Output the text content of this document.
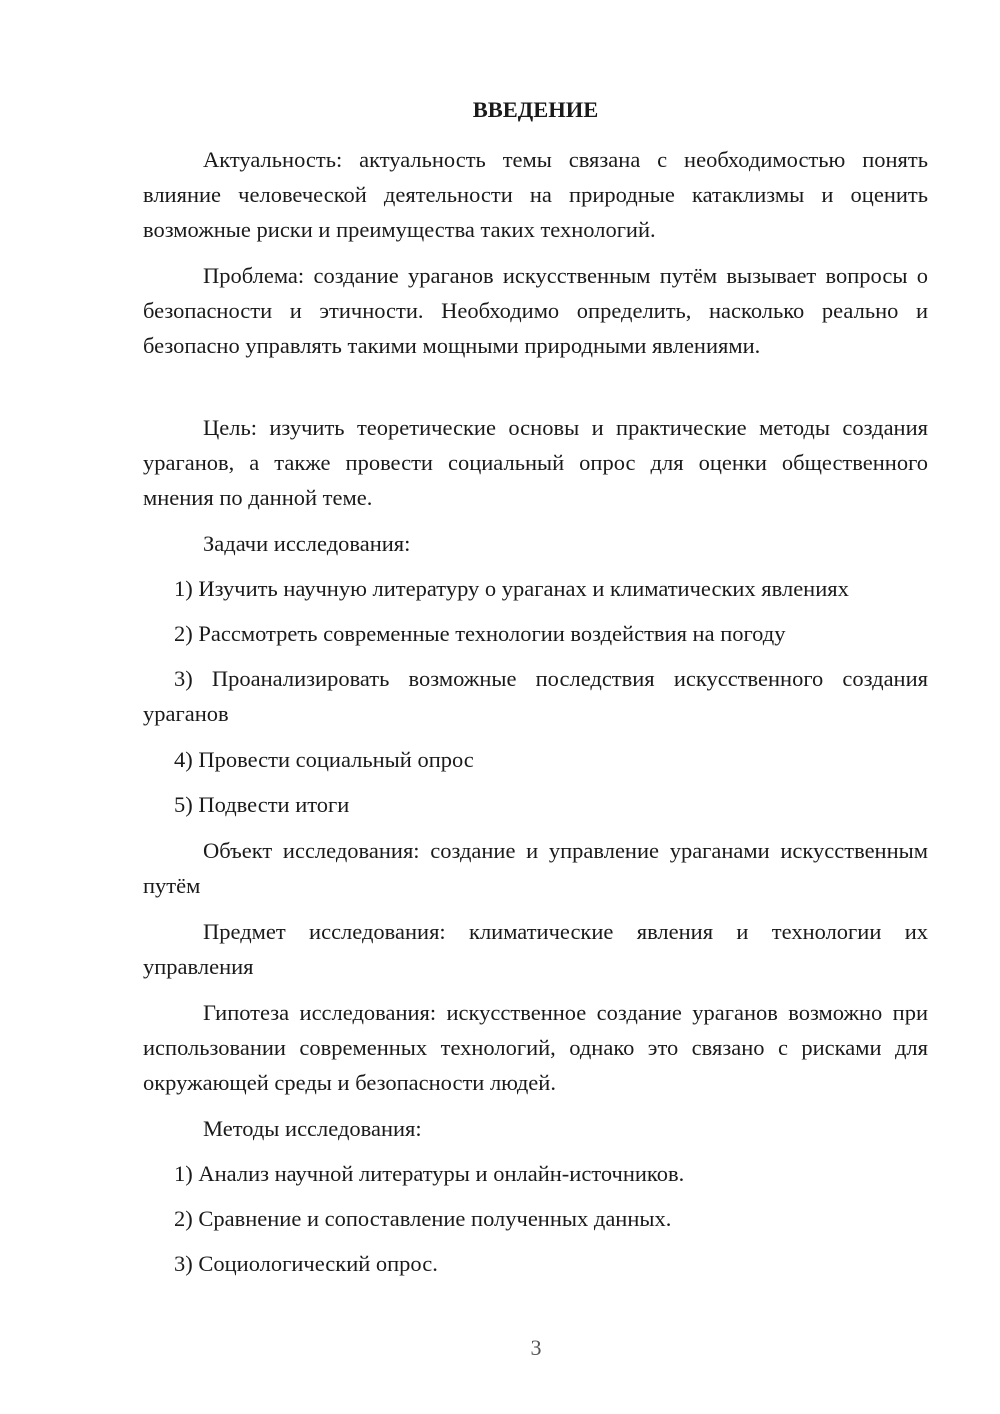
ВВЕДЕНИЕ

Актуальность: актуальность темы связана с необходимостью понять влияние человеческой деятельности на природные катаклизмы и оценить возможные риски и преимущества таких технологий.

Проблема: создание ураганов искусственным путём вызывает вопросы о безопасности и этичности. Необходимо определить, насколько реально и безопасно управлять такими мощными природными явлениями.

Цель: изучить теоретические основы и практические методы создания ураганов, а также провести социальный опрос для оценки общественного мнения по данной теме.

Задачи исследования:

1) Изучить научную литературу о ураганах и климатических явлениях

2) Рассмотреть современные технологии воздействия на погоду

3) Проанализировать возможные последствия искусственного создания ураганов

4) Провести социальный опрос

5) Подвести итоги

Объект исследования: создание и управление ураганами искусственным путём

Предмет исследования: климатические явления и технологии их управления

Гипотеза исследования: искусственное создание ураганов возможно при использовании современных технологий, однако это связано с рисками для окружающей среды и безопасности людей.

Методы исследования:

1) Анализ научной литературы и онлайн-источников.

2) Сравнение и сопоставление полученных данных.

3) Социологический опрос.

3
